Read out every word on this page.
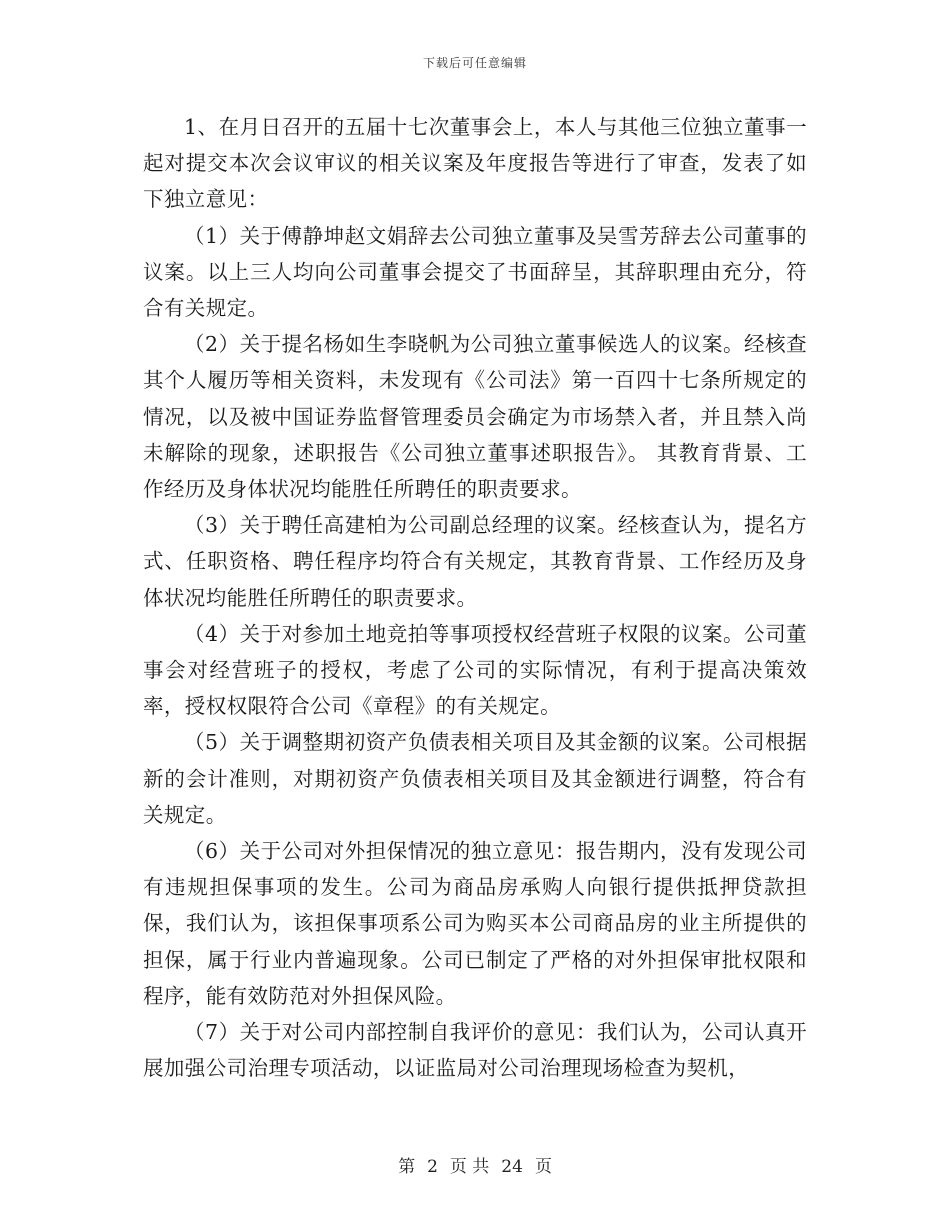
下载后可任意编辑

1、在月日召开的五届十七次董事会上，本人与其他三位独立董事一起对提交本次会议审议的相关议案及年度报告等进行了审查，发表了如下独立意见：

（1）关于傅静坤赵文娟辞去公司独立董事及吴雪芳辞去公司董事的议案。以上三人均向公司董事会提交了书面辞呈，其辞职理由充分，符合有关规定。

（2）关于提名杨如生李晓帆为公司独立董事候选人的议案。经核查其个人履历等相关资料，未发现有《公司法》第一百四十七条所规定的情况，以及被中国证券监督管理委员会确定为市场禁入者，并且禁入尚未解除的现象，述职报告《公司独立董事述职报告》。 其教育背景、工作经历及身体状况均能胜任所聘任的职责要求。

（3）关于聘任高建柏为公司副总经理的议案。经核查认为，提名方式、任职资格、聘任程序均符合有关规定，其教育背景、工作经历及身体状况均能胜任所聘任的职责要求。

（4）关于对参加土地竞拍等事项授权经营班子权限的议案。公司董事会对经营班子的授权，考虑了公司的实际情况，有利于提高决策效率，授权权限符合公司《章程》的有关规定。

（5）关于调整期初资产负债表相关项目及其金额的议案。公司根据新的会计准则，对期初资产负债表相关项目及其金额进行调整，符合有关规定。

（6）关于公司对外担保情况的独立意见：报告期内，没有发现公司有违规担保事项的发生。公司为商品房承购人向银行提供抵押贷款担保，我们认为，该担保事项系公司为购买本公司商品房的业主所提供的担保，属于行业内普遍现象。公司已制定了严格的对外担保审批权限和程序，能有效防范对外担保风险。

（7）关于对公司内部控制自我评价的意见：我们认为，公司认真开展加强公司治理专项活动，以证监局对公司治理现场检查为契机，

第 2 页 共 24 页
